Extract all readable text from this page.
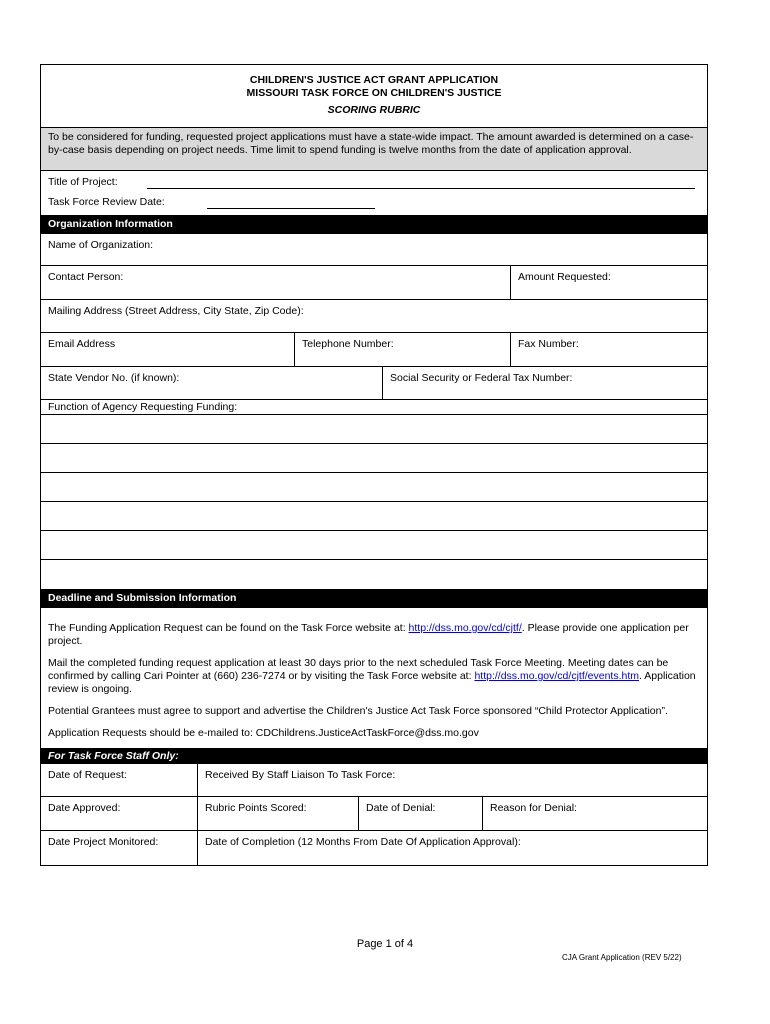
CHILDREN'S JUSTICE ACT GRANT APPLICATION
MISSOURI TASK FORCE ON CHILDREN'S JUSTICE
SCORING RUBRIC
To be considered for funding, requested project applications must have a state-wide impact. The amount awarded is determined on a case-by-case basis depending on project needs. Time limit to spend funding is twelve months from the date of application approval.
Title of Project:
Task Force Review Date:
Organization Information
Name of Organization:
Contact Person:	Amount Requested:
Mailing Address (Street Address, City State, Zip Code):
Email Address	Telephone Number:	Fax Number:
State Vendor No. (if known):	Social Security or Federal Tax Number:
Function of Agency Requesting Funding:
Deadline and Submission Information

The Funding Application Request can be found on the Task Force website at: http://dss.mo.gov/cd/cjtf/. Please provide one application per project.

Mail the completed funding request application at least 30 days prior to the next scheduled Task Force Meeting. Meeting dates can be confirmed by calling Cari Pointer at (660) 236-7274 or by visiting the Task Force website at: http://dss.mo.gov/cd/cjtf/events.htm. Application review is ongoing.

Potential Grantees must agree to support and advertise the Children's Justice Act Task Force sponsored “Child Protector Application”.

Application Requests should be e-mailed to: CDChildrens.JusticeActTaskForce@dss.mo.gov

For Task Force Staff Only:
Date of Request:	Received By Staff Liaison To Task Force:
Date Approved:	Rubric Points Scored:	Date of Denial:	Reason for Denial:
Date Project Monitored:	Date of Completion (12 Months From Date Of Application Approval):
Page 1 of 4
CJA Grant Application (REV 5/22)
